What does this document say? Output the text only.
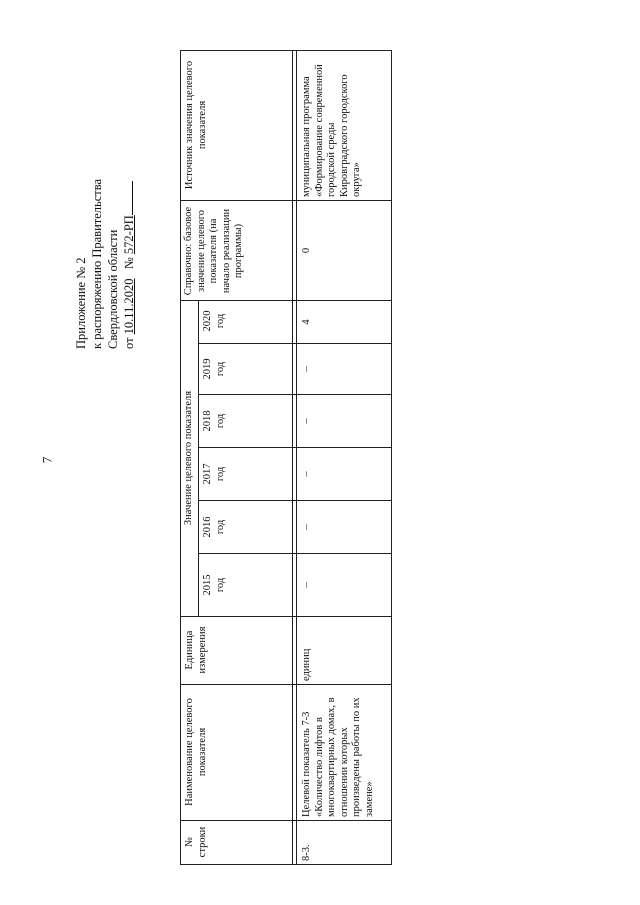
7
Приложение № 2 к распоряжению Правительства Свердловской области от 10.11.2020   № 572-РП
№ строки
Наименование целевого показателя
Единица измерения
Значение целевого показателя
2015 год
2016 год
2017 год
2018 год
2019 год
2020 год
Справочно: базовое значение целевого показателя (на начало реализации программы)
Источник значения целевого показателя
8-3.
Целевой показатель 7-3 «Количество лифтов в многоквартирных домах, в отношении которых произведены работы по их замене»
единиц
–
–
–
–
–
4
0
муниципальная программа «Формирование современной городской среды Кировградского городского округа»
